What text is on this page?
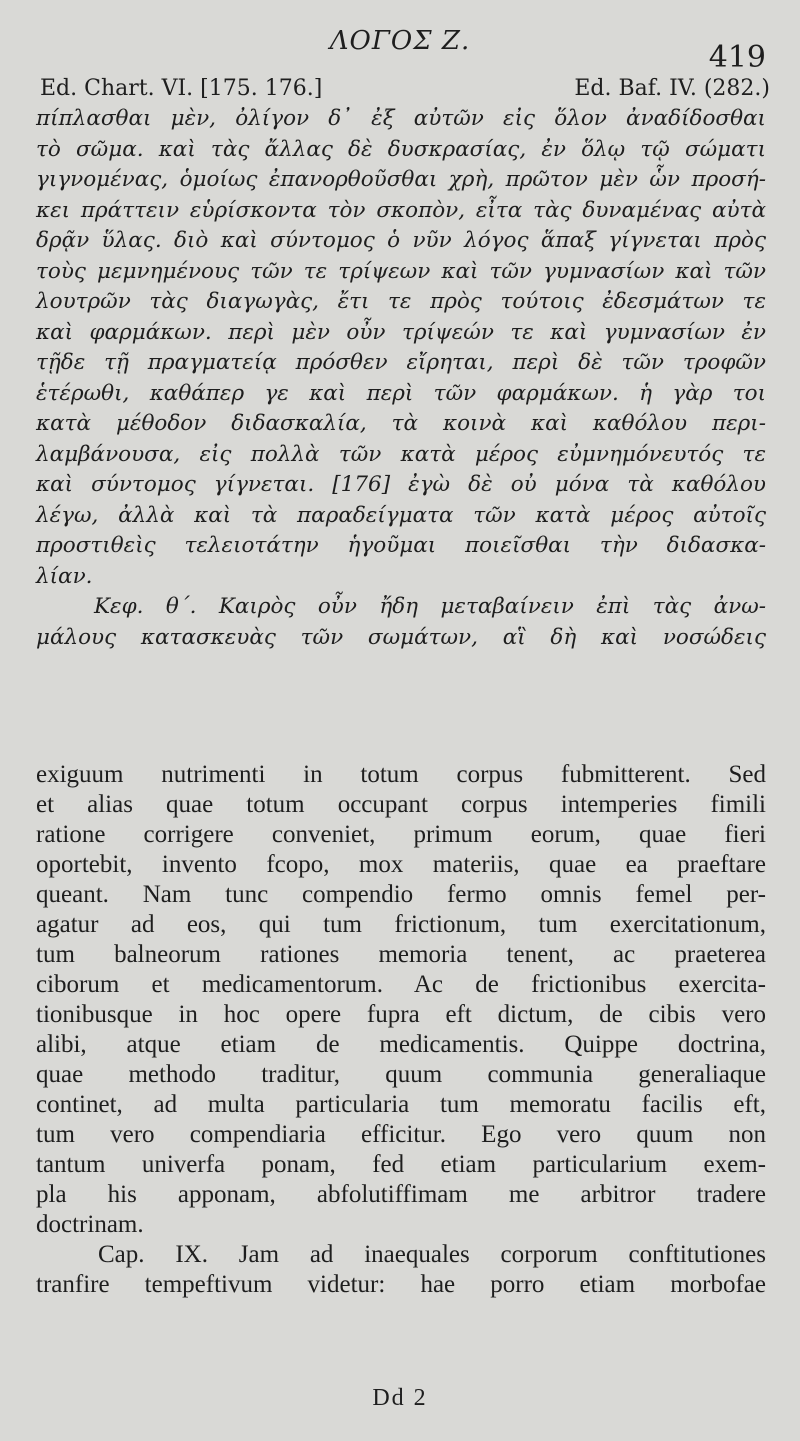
ΛΟΓΟΣ Ζ.	419
Ed. Chart. VI. [175. 176.]	Ed. Baf. IV. (282.)
πίπλασθαι μὲν, ὀλίγον δ᾿ ἐξ αὐτῶν εἰς ὅλον ἀναδίδοσθαι
τὸ σῶμα. καὶ τὰς ἄλλας δὲ δυσκρασίας, ἐν ὅλῳ τῷ σώματι
γιγνομένας, ὁμοίως ἐπανορθοῦσθαι χρὴ, πρῶτον μὲν ὧν προσή-
κει πράττειν εὑρίσκοντα τὸν σκοπὸν, εἶτα τὰς δυναμένας αὐτὰ
δρᾷν ὕλας. διὸ καὶ σύντομος ὁ νῦν λόγος ἅπαξ γίγνεται πρὸς
τοὺς μεμνημένους τῶν τε τρίψεων καὶ τῶν γυμνασίων καὶ τῶν
λουτρῶν τὰς διαγωγὰς, ἔτι τε πρὸς τούτοις ἐδεσμάτων τε
καὶ φαρμάκων. περὶ μὲν οὖν τρίψεών τε καὶ γυμνασίων ἐν
τῇδε τῇ πραγματείᾳ πρόσθεν εἴρηται, περὶ δὲ τῶν τροφῶν
ἑτέρωθι, καθάπερ γε καὶ περὶ τῶν φαρμάκων. ἡ γὰρ τοι
κατὰ μέθοδον διδασκαλία, τὰ κοινὰ καὶ καθόλου περι-
λαμβάνουσα, εἰς πολλὰ τῶν κατὰ μέρος εὐμνημόνευτός τε
καὶ σύντομος γίγνεται. [176] ἐγὼ δὲ οὐ μόνα τὰ καθόλου
λέγω, ἀλλὰ καὶ τὰ παραδείγματα τῶν κατὰ μέρος αὐτοῖς
προστιθεὶς τελειοτάτην ἡγοῦμαι ποιεῖσθαι τὴν διδασκα-
λίαν.
Κεφ. θ΄. Καιρὸς οὖν ἤδη μεταβαίνειν ἐπὶ τὰς ἀνω-
μάλους κατασκευὰς τῶν σωμάτων, αἳ δὴ καὶ νοσώδεις
exiguum nutrimenti in totum corpus fubmitterent. Sed
et alias quae totum occupant corpus intemperies fimili
ratione corrigere conveniet, primum eorum, quae fieri
oportebit, invento fcopo, mox materiis, quae ea praeftare
queant. Nam tunc compendio fermo omnis femel per-
agatur ad eos, qui tum frictionum, tum exercitationum,
tum balneorum rationes memoria tenent, ac praeterea
ciborum et medicamentorum. Ac de frictionibus exercita-
tionibusque in hoc opere fupra eft dictum, de cibis vero
alibi, atque etiam de medicamentis. Quippe doctrina,
quae methodo traditur, quum communia generaliaque
continet, ad multa particularia tum memoratu facilis eft,
tum vero compendiaria efficitur. Ego vero quum non
tantum univerfa ponam, fed etiam particularium exem-
pla his apponam, abfolutiffimam me arbitror tradere
doctrinam.
Cap. IX. Jam ad inaequales corporum conftitutiones
tranfire tempeftivum videtur: hae porro etiam morbofae
Dd 2
